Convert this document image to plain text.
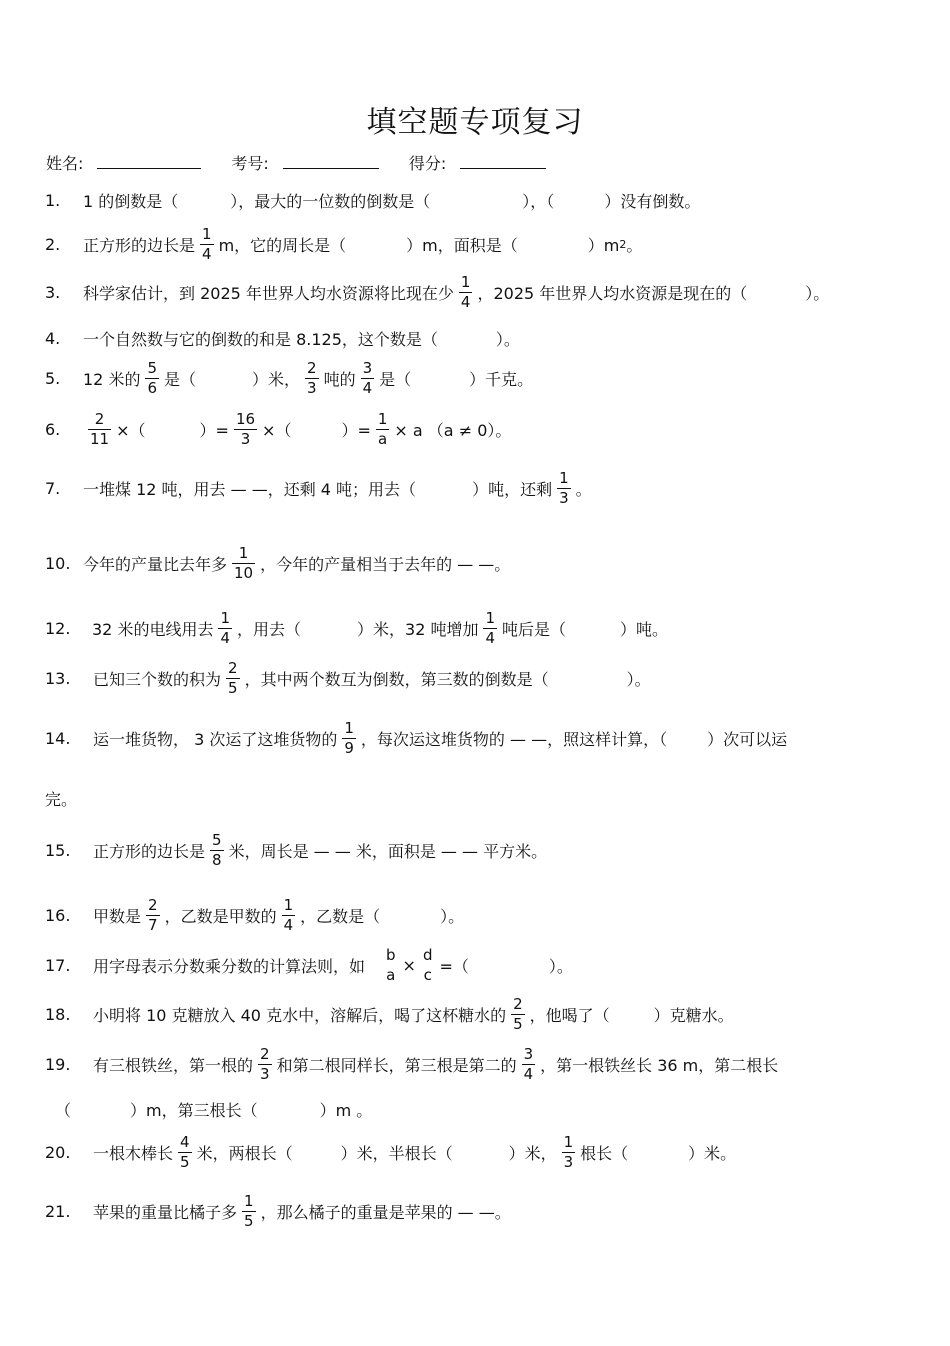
填空题专项复习
姓名:	考号:	得分:
1. 1 的倒数是（	），最大的一位数的倒数是（	），（	）没有倒数。
2. 正方形的边长是 $\frac{1}{4}$ m，它的周长是（	）m，面积是（	）m 2 。
3. 科学家估计，到 2025 年世界人均水资源将比现在少 $\frac{1}{4}$ ，2025 年世界人均水资源是现在的（	）。
4. 一个自然数与它的倒数的和是 8.125，这个数是（	）。
5. 12 米的 $\frac{5}{6}$ 是（	）米， $\frac{2}{3}$ 吨的 $\frac{3}{4}$ 是（	）千克。
6. $\frac{2}{11}$ ×（	）= $\frac{16}{3}$ ×（	）= $\frac{1}{a} \times a$ （a ≠ 0）。
7. 一堆煤 12 吨，用去 — —，还剩 4 吨；用去（	）吨，还剩 $\frac{1}{3}$ 。
10. 今年的产量比去年多 $\frac{1}{10}$ ，今年的产量相当于去年的 — —。
12. 32 米的电线用去 $\frac{1}{4}$ ，用去（	）米，32 吨增加 $\frac{1}{4}$ 吨后是（	）吨。
13. 已知三个数的积为 $\frac{2}{5}$ ，其中两个数互为倒数，第三数的倒数是（	）。
14. 运一堆货物， 3 次运了这堆货物的 $\frac{1}{9}$ ，每次运这堆货物的 — —，照这样计算，（	）次可以运
完。
15. 正方形的边长是 $\frac{5}{8}$ 米，周长是 — — 米，面积是 — — 平方米。
16. 甲数是 $\frac{2}{7}$ ，乙数是甲数的 $\frac{1}{4}$ ，乙数是（	）。
17. 用字母表示分数乘分数的计算法则，如
b
a ×
d
c =（	）。
18. 小明将 10 克糖放入 40 克水中，溶解后，喝了这杯糖水的 $\frac{2}{5}$ ，他喝了（	）克糖水。
19. 有三根铁丝，第一根的 $\frac{2}{3}$ 和第二根同样长，第三根是第二的 $\frac{3}{4}$ ，第一根铁丝长 36 m，第二根长
（	）m，第三根长（	）m 。
20. 一根木棒长 $\frac{4}{5}$ 米，两根长（	）米，半根长（	）米， $\frac{1}{3}$ 根长（	）米。
21. 苹果的重量比橘子多 $\frac{1}{5}$ ，那么橘子的重量是苹果的 — —。
